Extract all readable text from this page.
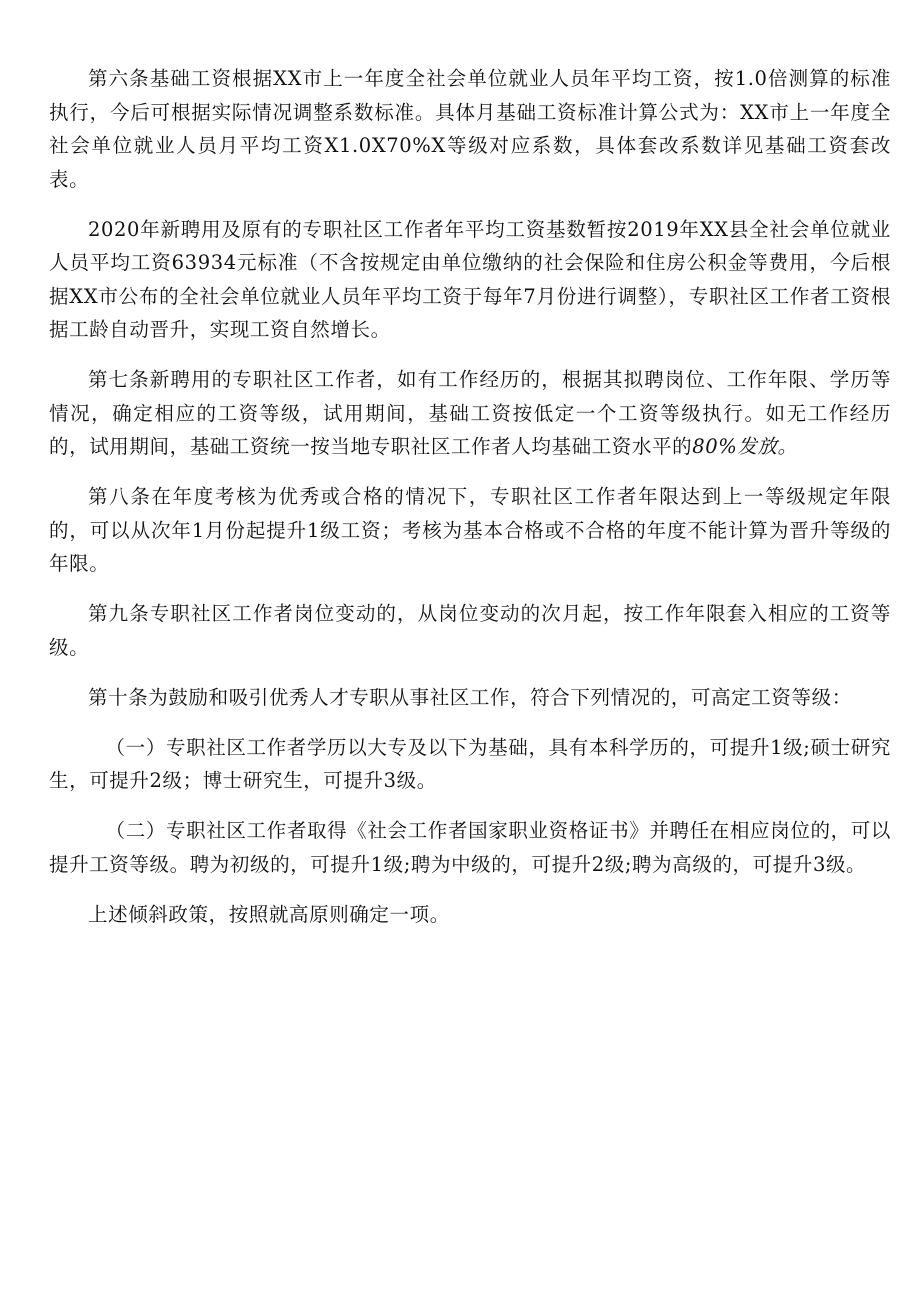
第六条基础工资根据XX市上一年度全社会单位就业人员年平均工资，按1.0倍测算的标准执行，今后可根据实际情况调整系数标准。具体月基础工资标准计算公式为：XX市上一年度全社会单位就业人员月平均工资X1.0X70%X等级对应系数，具体套改系数详见基础工资套改表。

2020年新聘用及原有的专职社区工作者年平均工资基数暂按2019年XX县全社会单位就业人员平均工资63934元标准（不含按规定由单位缴纳的社会保险和住房公积金等费用，今后根据XX市公布的全社会单位就业人员年平均工资于每年7月份进行调整），专职社区工作者工资根据工龄自动晋升，实现工资自然增长。

第七条新聘用的专职社区工作者，如有工作经历的，根据其拟聘岗位、工作年限、学历等情况，确定相应的工资等级，试用期间，基础工资按低定一个工资等级执行。如无工作经历的，试用期间，基础工资统一按当地专职社区工作者人均基础工资水平的80%发放。

第八条在年度考核为优秀或合格的情况下，专职社区工作者年限达到上一等级规定年限的，可以从次年1月份起提升1级工资；考核为基本合格或不合格的年度不能计算为晋升等级的年限。

第九条专职社区工作者岗位变动的，从岗位变动的次月起，按工作年限套入相应的工资等级。

第十条为鼓励和吸引优秀人才专职从事社区工作，符合下列情况的，可高定工资等级：

（一）专职社区工作者学历以大专及以下为基础，具有本科学历的，可提升1级;硕士研究生，可提升2级；博士研究生，可提升3级。

（二）专职社区工作者取得《社会工作者国家职业资格证书》并聘任在相应岗位的，可以提升工资等级。聘为初级的，可提升1级;聘为中级的，可提升2级;聘为高级的，可提升3级。

上述倾斜政策，按照就高原则确定一项。
